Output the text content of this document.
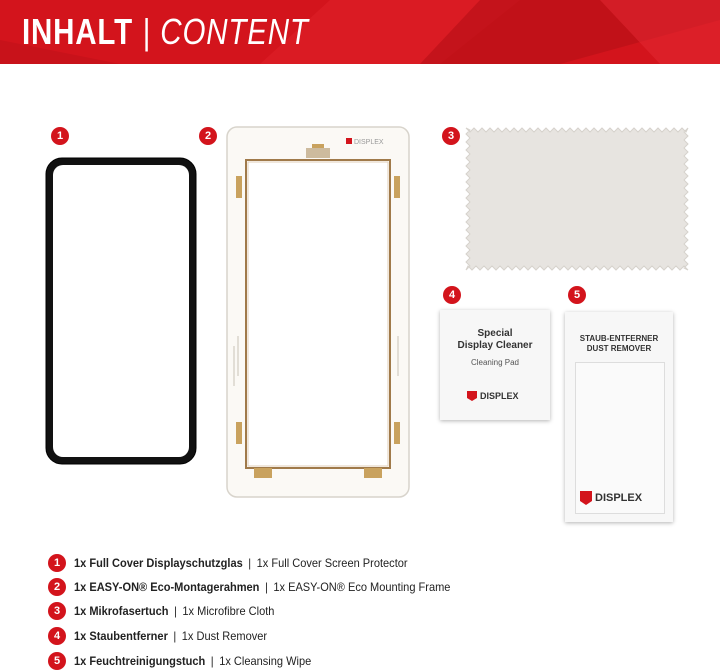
INHALT | CONTENT
1	2
DISPLEX
3
4
Special
Display Cleaner
Cleaning Pad
DISPLEX
5
STAUB-ENTFERNER
DUST REMOVER
DISPLEX
1	1x Full Cover Displayschutzglas | 1x Full Cover Screen Protector
2	1x EASY-ON® Eco-Montagerahmen | 1x EASY-ON® Eco Mounting Frame
3	1x Mikrofasertuch | 1x Microfibre Cloth
4	1x Staubentferner | 1x Dust Remover
5	1x Feuchtreinigungstuch | 1x Cleansing Wipe
